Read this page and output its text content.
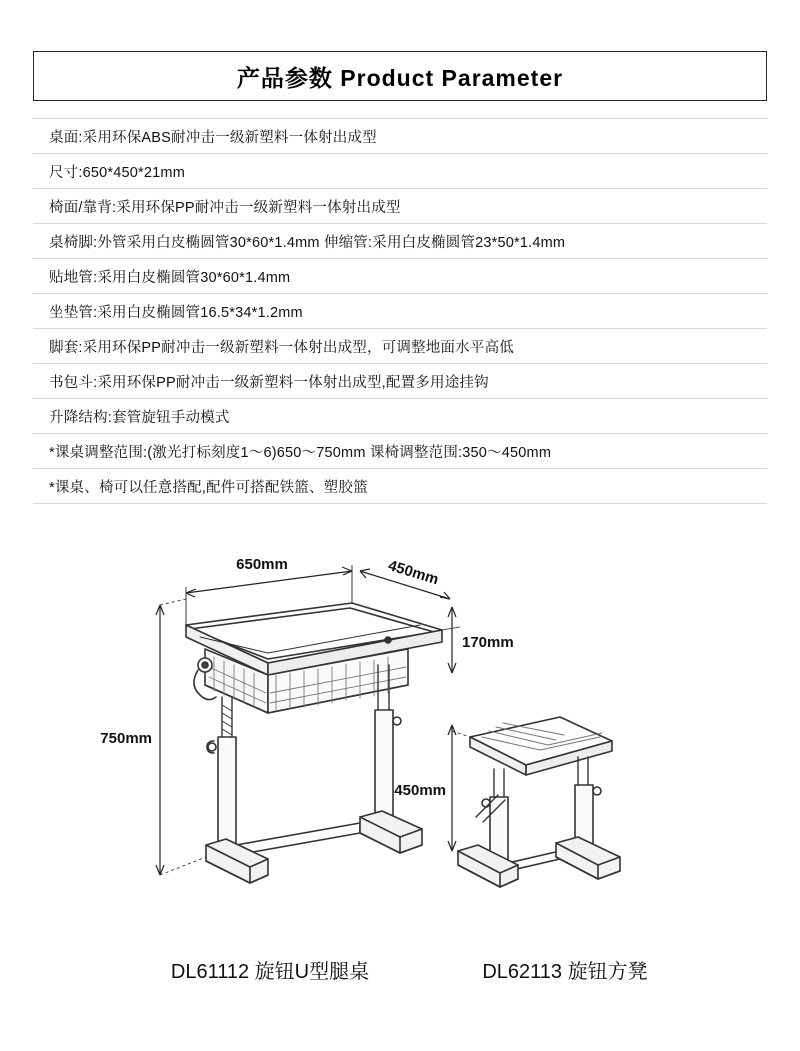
产品参数 Product Parameter
桌面:采用环保ABS耐冲击一级新塑料一体射出成型
尺寸:650*450*21mm
椅面/靠背:采用环保PP耐冲击一级新塑料一体射出成型
桌椅脚:外管采用白皮椭圆管30*60*1.4mm 伸缩管:采用白皮椭圆管23*50*1.4mm
贴地管:采用白皮椭圆管30*60*1.4mm
坐垫管:采用白皮椭圆管16.5*34*1.2mm
脚套:采用环保PP耐冲击一级新塑料一体射出成型，可调整地面水平高低
书包斗:采用环保PP耐冲击一级新塑料一体射出成型,配置多用途挂钩
升降结构:套管旋钮手动模式
*课桌调整范围:(激光打标刻度1～6)650～750mm 课椅调整范围:350～450mm
*课桌、椅可以任意搭配,配件可搭配铁篮、塑胶篮
650mm	450mm
750mm
170mm
450mm
DL61112 旋钮U型腿桌	DL62113 旋钮方凳
